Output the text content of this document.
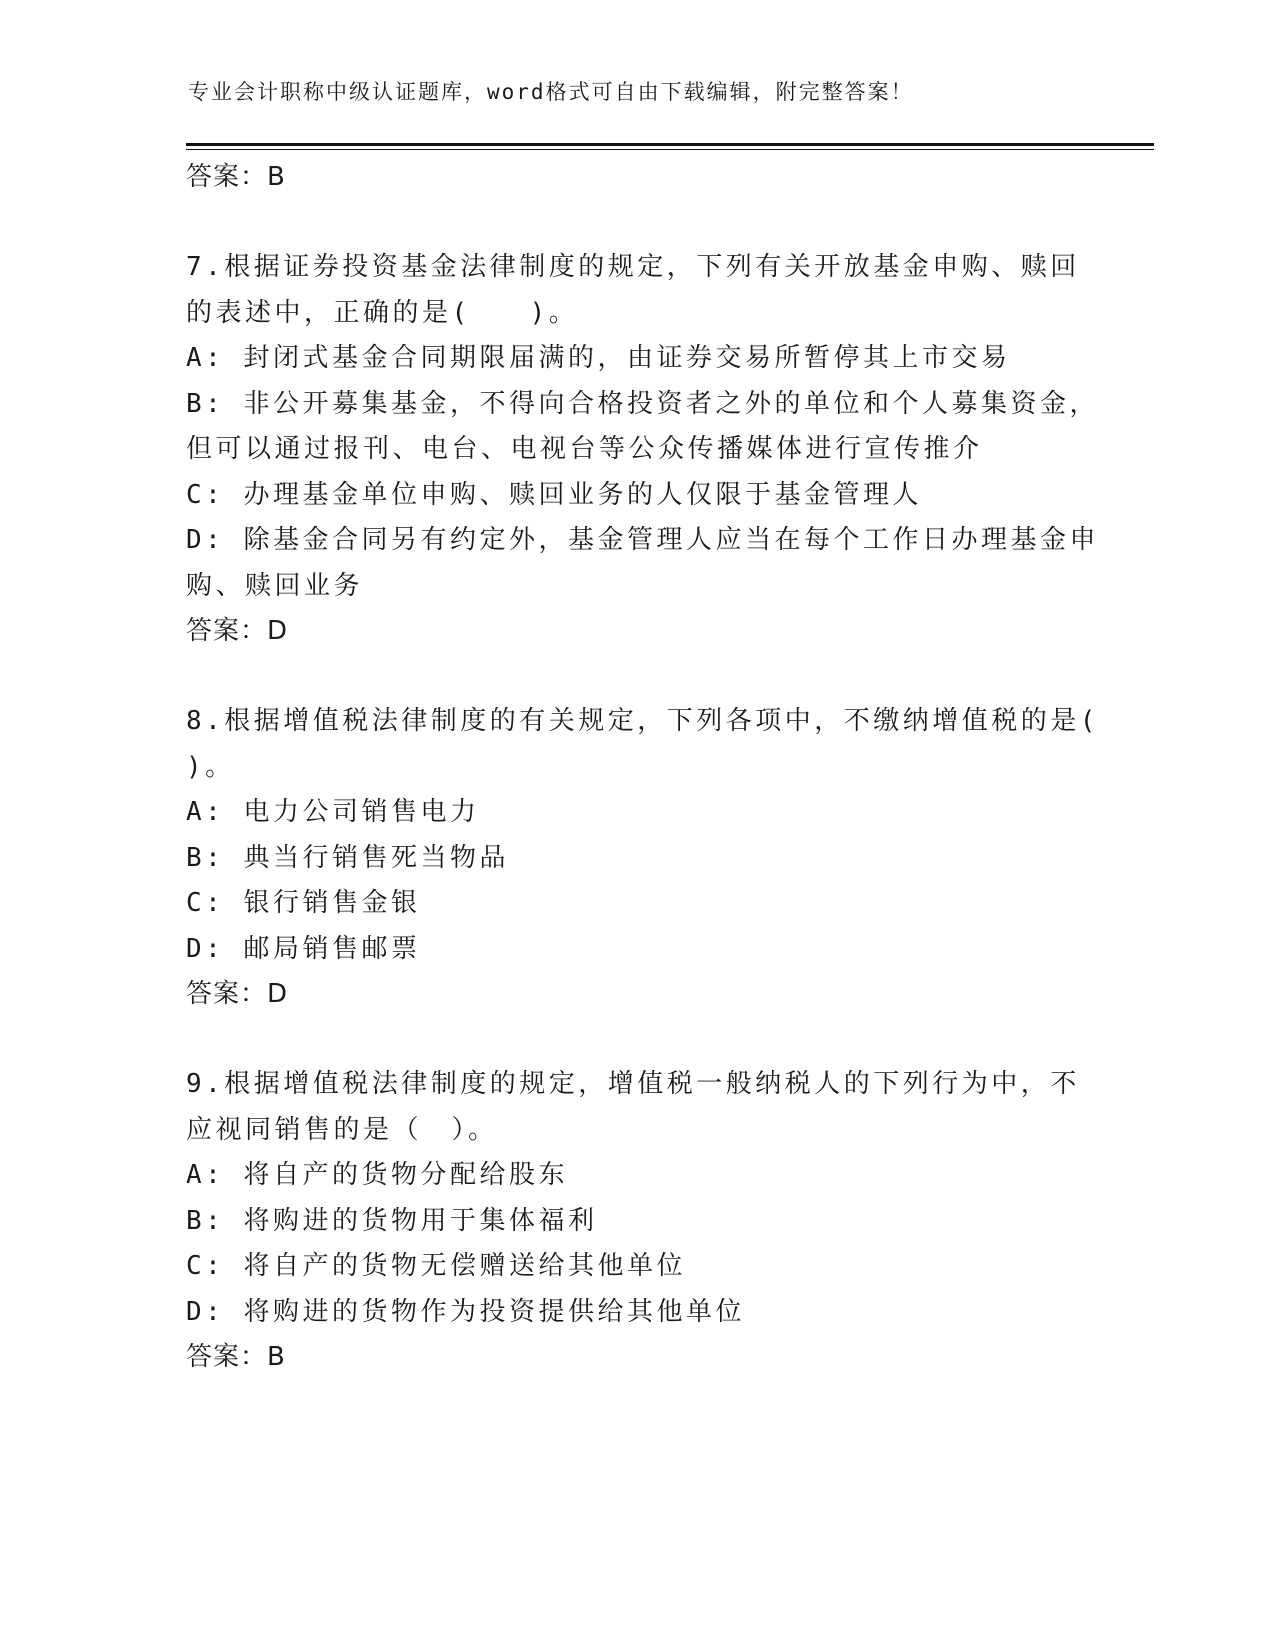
专业会计职称中级认证题库，word格式可自由下载编辑，附完整答案！
答案：B
7.根据证券投资基金法律制度的规定，下列有关开放基金申购、赎回
的表述中，正确的是(　　)。
A: 封闭式基金合同期限届满的，由证券交易所暂停其上市交易
B: 非公开募集基金，不得向合格投资者之外的单位和个人募集资金，
但可以通过报刊、电台、电视台等公众传播媒体进行宣传推介
C: 办理基金单位申购、赎回业务的人仅限于基金管理人
D: 除基金合同另有约定外，基金管理人应当在每个工作日办理基金申
购、赎回业务
答案：D
8.根据增值税法律制度的有关规定，下列各项中，不缴纳增值税的是(
)。
A: 电力公司销售电力
B: 典当行销售死当物品
C: 银行销售金银
D: 邮局销售邮票
答案：D
9.根据增值税法律制度的规定，增值税一般纳税人的下列行为中，不
应视同销售的是（　）。
A: 将自产的货物分配给股东
B: 将购进的货物用于集体福利
C: 将自产的货物无偿赠送给其他单位
D: 将购进的货物作为投资提供给其他单位
答案：B
